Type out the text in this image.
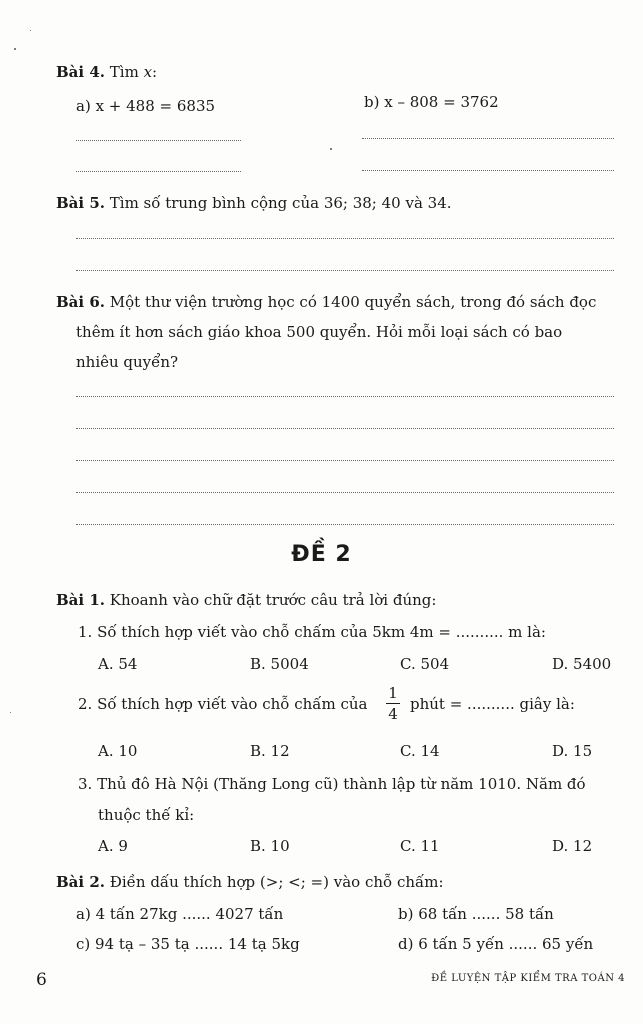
Bài 4. Tìm x:
a) x + 488 = 6835	b) x – 808 = 3762
Bài 5. Tìm số trung bình cộng của 36; 38; 40 và 34.
Bài 6. Một thư viện trường học có 1400 quyển sách, trong đó sách đọc
thêm ít hơn sách giáo khoa 500 quyển. Hỏi mỗi loại sách có bao
nhiêu quyển?
ĐỀ 2
Bài 1. Khoanh vào chữ đặt trước câu trả lời đúng:
1. Số thích hợp viết vào chỗ chấm của 5km 4m = .......... m là:
A. 54	B. 5004	C. 504	D. 5400
2. Số thích hợp viết vào chỗ chấm của
1
4
phút = .......... giây là:
A. 10	B. 12	C. 14	D. 15
3. Thủ đô Hà Nội (Thăng Long cũ) thành lập từ năm 1010. Năm đó
thuộc thế kỉ:
A. 9	B. 10	C. 11	D. 12
Bài 2. Điền dấu thích hợp (>; <; =) vào chỗ chấm:
a) 4 tấn 27kg ...... 4027 tấn	b) 68 tấn ...... 58 tấn
c) 94 tạ – 35 tạ ...... 14 tạ 5kg	d) 6 tấn 5 yến ...... 65 yến
6	ĐỀ LUYỆN TẬP KIỂM TRA TOÁN 4
